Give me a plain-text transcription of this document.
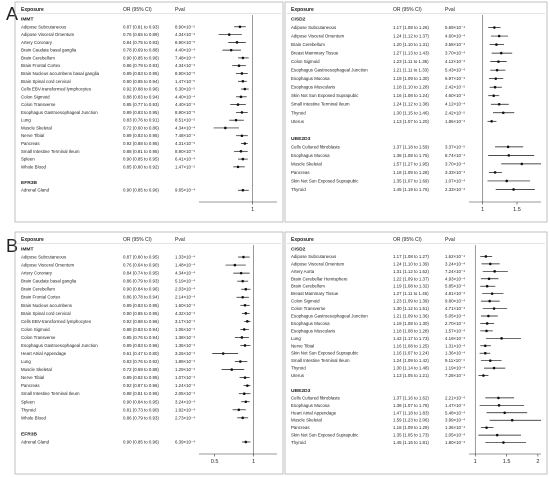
A Exposure	OR (95% CI)	Pval
IMMT
Adipose Subcutaneous	0.87 (0.81 to 0.93)	8.90×10⁻⁵
Adipose Visceral Omentum	0.76 (0.65 to 0.89)	4.34×10⁻⁴
Artery Coronary	0.84 (0.75 to 0.93)	8.90×10⁻⁵
Brain Caudate basal ganglia	0.78 (0.69 to 0.88)	4.40×10⁻⁴
Brain Cerebellum	0.90 (0.85 to 0.96)	7.48×10⁻⁴
Brain Frontal Cortex	0.86 (0.79 to 0.93)	4.34×10⁻⁴
Brain Nucleus accumbens basal ganglia	0.89 (0.83 to 0.95)	8.90×10⁻⁵
Brain Spinal cord cervical	0.90 (0.85 to 0.94)	1.47×10⁻⁵
Cells EBV-transformed lymphocytes	0.92 (0.88 to 0.96)	6.30×10⁻⁵
Colon Sigmoid	0.88 (0.83 to 0.94)	4.40×10⁻⁴
Colon Transverse	0.85 (0.77 to 0.93)	4.40×10⁻⁴
Esophagus Gastroesophageal Junction	0.89 (0.83 to 0.95)	8.90×10⁻⁵
Lung	0.83 (0.76 to 0.91)	8.51×10⁻⁵
Muscle Skeletal	0.72 (0.60 to 0.86)	4.34×10⁻⁴
Nerve Tibial	0.89 (0.83 to 0.95)	7.48×10⁻⁴
Pancreas	0.92 (0.88 to 0.95)	4.31×10⁻⁵
Small Intestine Terminal Ileum	0.88 (0.81 to 0.95)	8.90×10⁻⁵
Spleen	0.90 (0.85 to 0.95)	6.41×10⁻⁴
Whole Blood	0.85 (0.80 to 0.92)	1.47×10⁻⁵
EFR3B
Adrenal Gland	0.90 (0.85 to 0.96)	9.65×10⁻⁴
1
Exposure	OR (95% CI)	Pval
CISD2
Adipose Subcutaneous	1.17 (1.08 to 1.26)	5.69×10⁻⁴
Adipose Visceral Omentum	1.24 (1.12 to 1.37)	4.60×10⁻⁴
Brain Cerebellum	1.20 (1.10 to 1.31)	3.58×10⁻⁴
Breast Mammary Tissue	1.27 (1.13 to 1.43)	3.70×10⁻⁴
Colon Sigmoid	1.23 (1.11 to 1.35)	4.12×10⁻⁴
Esophagus Gastroesophageal Junction	1.21 (1.11 to 1.33)	5.43×10⁻⁴
Esophagus Mucosa	1.19 (1.09 to 1.30)	6.97×10⁻⁴
Esophagus Muscularis	1.18 (1.10 to 1.28)	2.42×10⁻⁵
Skin Not Sun Exposed Suprapubic	1.16 (1.08 to 1.24)	4.60×10⁻⁴
Small Intestine Terminal Ileum	1.24 (1.12 to 1.38)	4.12×10⁻⁴
Thyroid	1.30 (1.15 to 1.46)	2.42×10⁻⁵
Uterus	1.13 (1.07 to 1.20)	1.86×10⁻⁴
UBE2D3
Cells Cultured fibroblasts	1.37 (1.18 to 1.59)	3.37×10⁻⁵
Esophagus Mucosa	1.38 (1.08 to 1.75)	8.74×10⁻⁴
Muscle Skeletal	1.57 (1.27 to 1.95)	3.70×10⁻⁴
Pancreas	1.18 (1.09 to 1.28)	3.33×10⁻⁴
Skin Not Sun Exposed Suprapubic	1.35 (1.07 to 1.69)	1.07×10⁻⁴
Thyroid	1.45 (1.19 to 1.76)	2.33×10⁻⁴
1	1.5
B Exposure	OR (95% CI)	Pval
IMMT
Adipose Subcutaneous	0.87 (0.80 to 0.95)	1.33×10⁻⁴
Adipose Visceral Omentum	0.76 (0.64 to 0.90)	1.48×10⁻⁴
Artery Coronary	0.84 (0.74 to 0.95)	4.34×10⁻⁴
Brain Caudate basal ganglia	0.86 (0.79 to 0.93)	5.19×10⁻⁴
Brain Cerebellum	0.90 (0.84 to 0.96)	2.03×10⁻⁴
Brain Frontal Cortex	0.86 (0.78 to 0.94)	2.14×10⁻⁴
Brain Nucleus accumbens	0.89 (0.83 to 0.95)	1.60×10⁻⁴
Brain Spinal cord cervical	0.90 (0.85 to 0.95)	4.32×10⁻⁴
Cells EBV-transformed lymphocytes	0.92 (0.88 to 0.96)	3.17×10⁻⁴
Colon Sigmoid	0.88 (0.83 to 0.94)	1.06×10⁻⁴
Colon Transverse	0.85 (0.76 to 0.94)	1.38×10⁻⁴
Esophagus Gastroesophageal Junction	0.89 (0.83 to 0.96)	1.35×10⁻⁴
Heart Atrial Appendage	0.61 (0.47 to 0.80)	3.26×10⁻⁴
Lung	0.83 (0.76 to 0.92)	1.89×10⁻⁴
Muscle Skeletal	0.72 (0.59 to 0.88)	1.29×10⁻⁴
Nerve Tibial	0.89 (0.82 to 0.95)	1.07×10⁻⁴
Pancreas	0.92 (0.87 to 0.96)	1.24×10⁻⁴
Small Intestine Terminal Ileum	0.88 (0.81 to 0.96)	2.05×10⁻⁴
Spleen	0.90 (0.84 to 0.95)	3.24×10⁻⁴
Thyroid	0.81 (0.73 to 0.90)	1.92×10⁻⁴
Whole Blood	0.86 (0.79 to 0.93)	2.73×10⁻⁴
EFR3B
Adrenal Gland	0.90 (0.85 to 0.96)	6.39×10⁻⁴
0.5	1
Exposure	OR (95% CI)	Pval
CISD2
Adipose Subcutaneous	1.17 (1.08 to 1.27)	1.62×10⁻⁴
Adipose Visceral Omentum	1.24 (1.10 to 1.39)	3.24×10⁻⁴
Artery Aorta	1.31 (1.12 to 1.52)	7.24×10⁻⁴
Brain Cerebellar Hemisphere	1.22 (1.09 to 1.37)	4.93×10⁻⁴
Brain Cerebellum	1.19 (1.08 to 1.32)	5.85×10⁻⁴
Breast Mammary Tissue	1.27 (1.11 to 1.45)	4.81×10⁻⁴
Colon Sigmoid	1.23 (1.09 to 1.39)	9.80×10⁻⁴
Colon Transverse	1.30 (1.12 to 1.51)	4.71×10⁻⁴
Esophagus Gastroesophageal Junction	1.21 (1.09 to 1.36)	5.05×10⁻⁴
Esophagus Mucosa	1.19 (1.08 to 1.30)	2.70×10⁻⁴
Esophagus Muscularis	1.18 (1.08 to 1.28)	1.57×10⁻⁴
Lung	1.42 (1.17 to 1.73)	4.19×10⁻⁴
Nerve Tibial	1.16 (1.08 to 1.25)	1.31×10⁻⁴
Skin Not Sun Exposed Suprapubic	1.16 (1.07 to 1.24)	1.36×10⁻⁴
Small Intestine Terminal Ileum	1.24 (1.09 to 1.42)	9.11×10⁻⁴
Thyroid	1.30 (1.14 to 1.48)	1.19×10⁻⁴
Uterus	1.13 (1.05 to 1.21)	7.28×10⁻⁴
UBE2D3
Cells Cultured fibroblasts	1.37 (1.16 to 1.62)	2.21×10⁻⁴
Esophagus Mucosa	1.38 (1.07 to 1.78)	1.47×10⁻⁴
Heart Atrial Appendage	1.47 (1.18 to 1.83)	5.48×10⁻⁴
Muscle Skeletal	1.59 (1.23 to 2.06)	3.99×10⁻⁴
Pancreas	1.18 (1.09 to 1.29)	1.36×10⁻⁴
Skin Not Sun Exposed Suprapubic	1.35 (1.05 to 1.73)	2.05×10⁻⁴
Thyroid	1.45 (1.16 to 1.81)	1.80×10⁻⁴
1	1.5	2
